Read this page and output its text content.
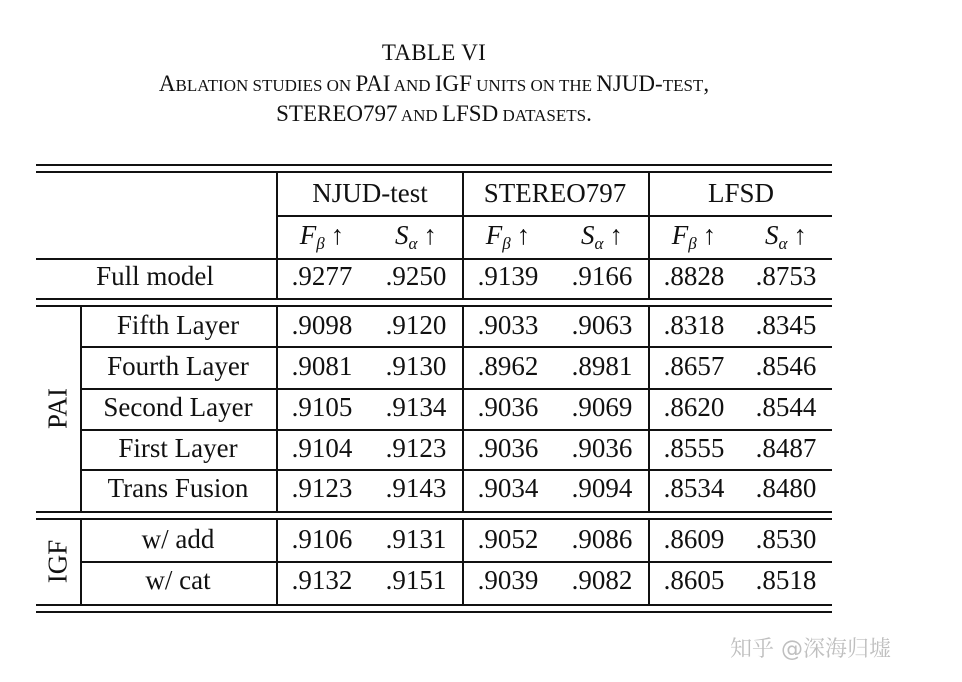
TABLE VI
ABLATION STUDIES ON PAI AND IGF UNITS ON THE NJUD-TEST,
STEREO797 AND LFSD DATASETS.
NJUD-test	STEREO797	LFSD
$F_\beta$ ↑	$S_\alpha$ ↑	$F_\beta$ ↑	$S_\alpha$ ↑	$F_\beta$ ↑	$S_\alpha$ ↑
Full model	.9277	.9250	.9139	.9166	.8828	.8753
Fifth Layer	.9098	.9120	.9033	.9063	.8318	.8345
Fourth Layer	.9081	.9130	.8962	.8981	.8657	.8546
Second Layer	.9105	.9134	.9036	.9069	.8620	.8544
First Layer	.9104	.9123	.9036	.9036	.8555	.8487
Trans Fusion	.9123	.9143	.9034	.9094	.8534	.8480
w/ add	.9106	.9131	.9052	.9086	.8609	.8530
w/ cat	.9132	.9151	.9039	.9082	.8605	.8518
PAI
IGF
知乎 @深海归墟
